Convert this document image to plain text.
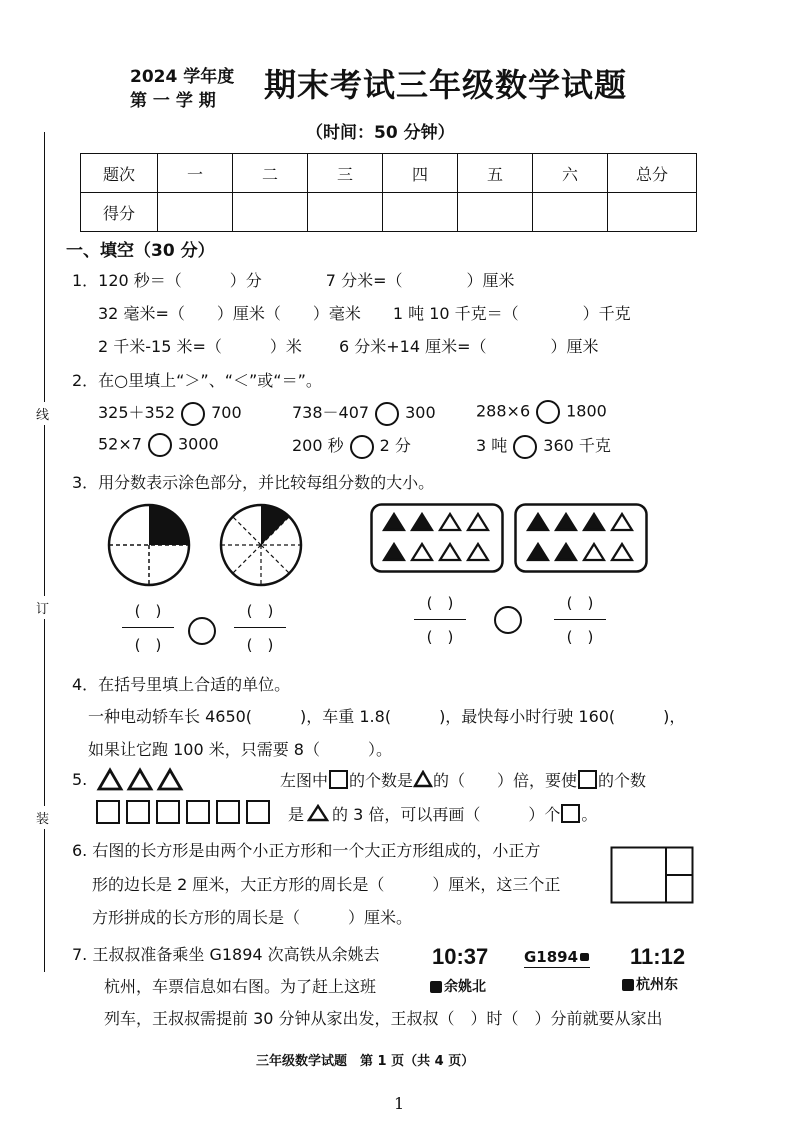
线
订
装
2024 学年度
第 一 学 期 期末考试三年级数学试题
（时间：50 分钟）
题次	一	二	三	四	五	六	总分
得分							
一、填空（30 分）
1．120 秒＝（　　　）分　　　　7 分米=（　　　　）厘米
32 毫米=（　　）厘米（　　）毫米　　1 吨 10 千克＝（　　　　）千克
2 千米-15 米=（　　　）米　　 6 分米+14 厘米=（　　　　）厘米
2．在○里填上“＞”、“＜”或“＝”。
325＋352 700	738－407 300	288×6 1800
52×7 3000	200 秒 2 分	3 吨 360 千克
3．用分数表示涂色部分，并比较每组分数的大小。
(　)
(　)
(　)
(　)
(　)
(　)
(　)
(　)
4．在括号里填上合适的单位。
一种电动轿车长 4650(　　　)，车重 1.8(　　　)，最快每小时行驶 160(　　　)，
如果让它跑 100 米，只需要 8（　　　）。
5.	左图中 的个数是 的（　　）倍，要使 的个数
是 的 3 倍，可以再画（　　　）个 。
6. 右图的长方形是由两个小正方形和一个大正方形组成的，小正方
形的边长是 2 厘米，大正方形的周长是（　　　）厘米，这三个正
方形拼成的长方形的周长是（　　　）厘米。
7. 王叔叔准备乘坐 G1894 次高铁从余姚去
杭州，车票信息如右图。为了赶上这班
列车，王叔叔需提前 30 分钟从家出发，王叔叔（　）时（　）分前就要从家出
10:37 G1894	11:12
余姚北	杭州东
三年级数学试题　第 1 页（共 4 页）
1
